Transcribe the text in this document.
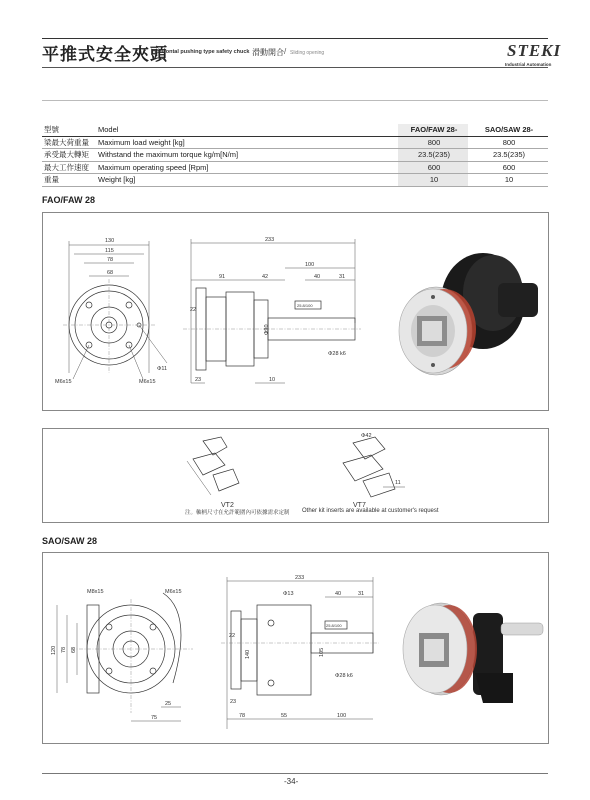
平推式安全夾頭
Horizontal pushing type safety chuck 滑動開合 / Sliding opening	STEKI
Industrial Automation
型號	Model	FAO/FAW 28-	SAO/SAW 28-
梁最大荷重量	Maximum load weight [kg]	800	800
承受最大轉矩	Withstand the maximum torque kg/m[N/m]	23.5(235)	23.5(235)
最大工作速度	Maximum operating speed [Rpm]	600	600
重量	Weight [kg]	10	10
FAO/FAW 28
130
115
78
68
M6x15	M6x15
Φ11
233
100
91	42	40	31
25.8/100
22
Φ90
Φ28 k6
23	10
VT2
Φ42
11
VT7
注。軸柄尺寸在允許範圍內可依據需求定制 Other kit inserts are available at customer's request
SAO/SAW 28
M8x15	M6x15
120 78 68
25
75
233
Φ13	40	31
25.8/100
22
140	105
Φ28 k6
23
78	55	100
-34-
